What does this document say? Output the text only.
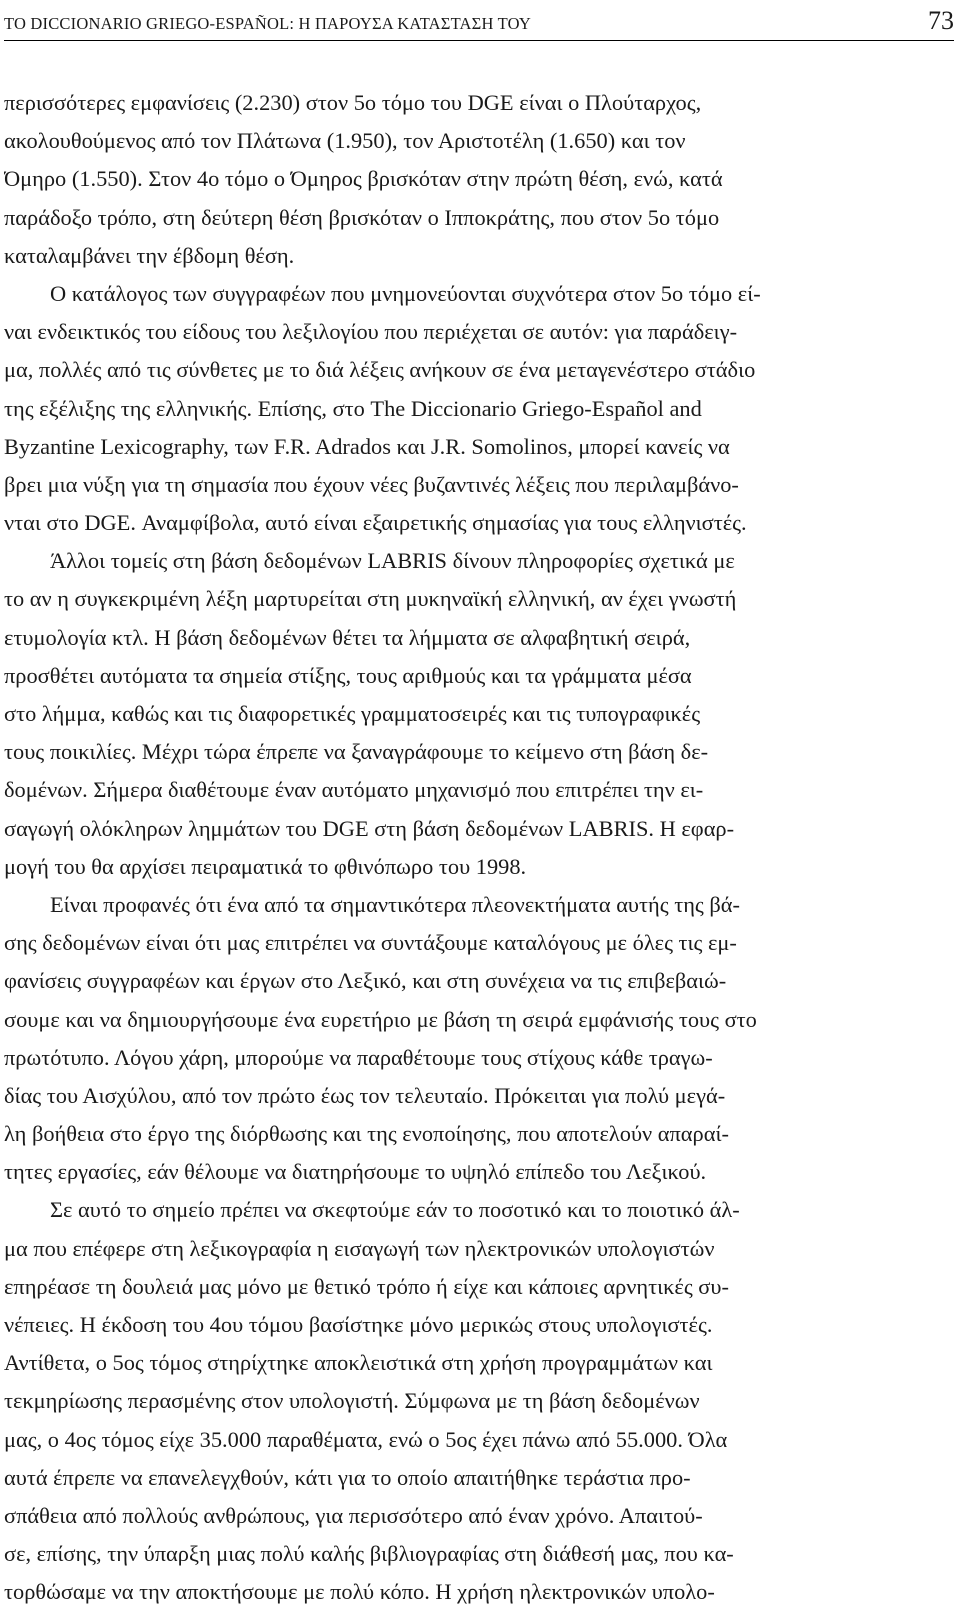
ΤΟ DICCIONARIO GRIEGO-ESPAÑOL: Η ΠΑΡΟΥΣΑ ΚΑΤΑΣΤΑΣΗ ΤΟΥ	73
περισσότερες εμφανίσεις (2.230) στον 5ο τόμο του DGE είναι ο Πλούταρχος,
ακολουθούμενος από τον Πλάτωνα (1.950), τον Αριστοτέλη (1.650) και τον
Όμηρο (1.550). Στον 4ο τόμο ο Όμηρος βρισκόταν στην πρώτη θέση, ενώ, κατά
παράδοξο τρόπο, στη δεύτερη θέση βρισκόταν ο Ιπποκράτης, που στον 5ο τόμο
καταλαμβάνει την έβδομη θέση.
Ο κατάλογος των συγγραφέων που μνημονεύονται συχνότερα στον 5ο τόμο εί-
ναι ενδεικτικός του είδους του λεξιλογίου που περιέχεται σε αυτόν: για παράδειγ-
μα, πολλές από τις σύνθετες με το διά λέξεις ανήκουν σε ένα μεταγενέστερο στάδιο
της εξέλιξης της ελληνικής. Επίσης, στο The Diccionario Griego-Español and
Byzantine Lexicography, των F.R. Adrados και J.R. Somolinos, μπορεί κανείς να
βρει μια νύξη για τη σημασία που έχουν νέες βυζαντινές λέξεις που περιλαμβάνο-
νται στο DGE. Αναμφίβολα, αυτό είναι εξαιρετικής σημασίας για τους ελληνιστές.
Άλλοι τομείς στη βάση δεδομένων LABRIS δίνουν πληροφορίες σχετικά με
το αν η συγκεκριμένη λέξη μαρτυρείται στη μυκηναϊκή ελληνική, αν έχει γνωστή
ετυμολογία κτλ. Η βάση δεδομένων θέτει τα λήμματα σε αλφαβητική σειρά,
προσθέτει αυτόματα τα σημεία στίξης, τους αριθμούς και τα γράμματα μέσα
στο λήμμα, καθώς και τις διαφορετικές γραμματοσειρές και τις τυπογραφικές
τους ποικιλίες. Μέχρι τώρα έπρεπε να ξαναγράφουμε το κείμενο στη βάση δε-
δομένων. Σήμερα διαθέτουμε έναν αυτόματο μηχανισμό που επιτρέπει την ει-
σαγωγή ολόκληρων λημμάτων του DGE στη βάση δεδομένων LABRIS. Η εφαρ-
μογή του θα αρχίσει πειραματικά το φθινόπωρο του 1998.
Είναι προφανές ότι ένα από τα σημαντικότερα πλεονεκτήματα αυτής της βά-
σης δεδομένων είναι ότι μας επιτρέπει να συντάξουμε καταλόγους με όλες τις εμ-
φανίσεις συγγραφέων και έργων στο Λεξικό, και στη συνέχεια να τις επιβεβαιώ-
σουμε και να δημιουργήσουμε ένα ευρετήριο με βάση τη σειρά εμφάνισής τους στο
πρωτότυπο. Λόγου χάρη, μπορούμε να παραθέτουμε τους στίχους κάθε τραγω-
δίας του Αισχύλου, από τον πρώτο έως τον τελευταίο. Πρόκειται για πολύ μεγά-
λη βοήθεια στο έργο της διόρθωσης και της ενοποίησης, που αποτελούν απαραί-
τητες εργασίες, εάν θέλουμε να διατηρήσουμε το υψηλό επίπεδο του Λεξικού.
Σε αυτό το σημείο πρέπει να σκεφτούμε εάν το ποσοτικό και το ποιοτικό άλ-
μα που επέφερε στη λεξικογραφία η εισαγωγή των ηλεκτρονικών υπολογιστών
επηρέασε τη δουλειά μας μόνο με θετικό τρόπο ή είχε και κάποιες αρνητικές συ-
νέπειες. Η έκδοση του 4ου τόμου βασίστηκε μόνο μερικώς στους υπολογιστές.
Αντίθετα, ο 5ος τόμος στηρίχτηκε αποκλειστικά στη χρήση προγραμμάτων και
τεκμηρίωσης περασμένης στον υπολογιστή. Σύμφωνα με τη βάση δεδομένων
μας, ο 4ος τόμος είχε 35.000 παραθέματα, ενώ ο 5ος έχει πάνω από 55.000. Όλα
αυτά έπρεπε να επανελεγχθούν, κάτι για το οποίο απαιτήθηκε τεράστια προ-
σπάθεια από πολλούς ανθρώπους, για περισσότερο από έναν χρόνο. Απαιτού-
σε, επίσης, την ύπαρξη μιας πολύ καλής βιβλιογραφίας στη διάθεσή μας, που κα-
τορθώσαμε να την αποκτήσουμε με πολύ κόπο. Η χρήση ηλεκτρονικών υπολο-
